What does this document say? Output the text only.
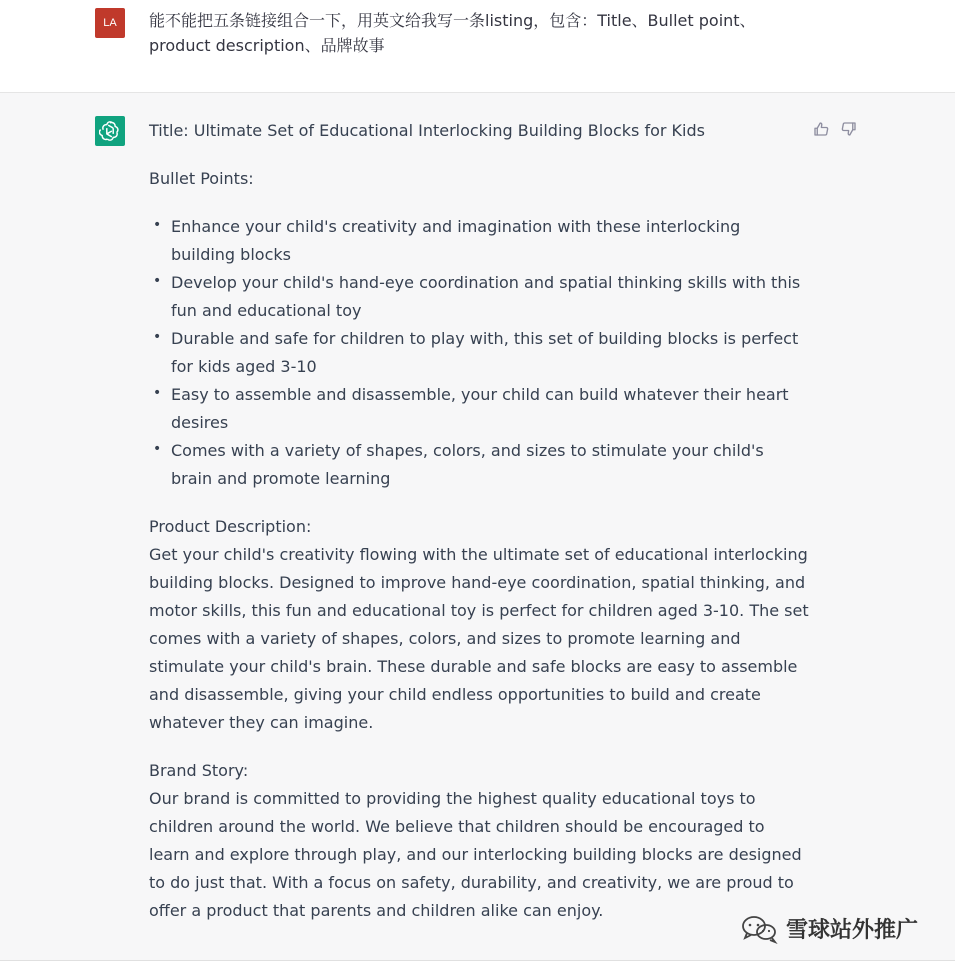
LA	能不能把五条链接组合一下，用英文给我写一条listing，包含：Title、Bullet point、product description、品牌故事

Title: Ultimate Set of Educational Interlocking Building Blocks for Kids

Bullet Points:

• Enhance your child's creativity and imagination with these interlocking building blocks
• Develop your child's hand-eye coordination and spatial thinking skills with this fun and educational toy
• Durable and safe for children to play with, this set of building blocks is perfect for kids aged 3-10
• Easy to assemble and disassemble, your child can build whatever their heart desires
• Comes with a variety of shapes, colors, and sizes to stimulate your child's brain and promote learning

Product Description:

Get your child's creativity flowing with the ultimate set of educational interlocking building blocks. Designed to improve hand-eye coordination, spatial thinking, and motor skills, this fun and educational toy is perfect for children aged 3-10. The set comes with a variety of shapes, colors, and sizes to promote learning and stimulate your child's brain. These durable and safe blocks are easy to assemble and disassemble, giving your child endless opportunities to build and create whatever they can imagine.

Brand Story:

Our brand is committed to providing the highest quality educational toys to children around the world. We believe that children should be encouraged to learn and explore through play, and our interlocking building blocks are designed to do just that. With a focus on safety, durability, and creativity, we are proud to offer a product that parents and children alike can enjoy.

雪球站外推广
